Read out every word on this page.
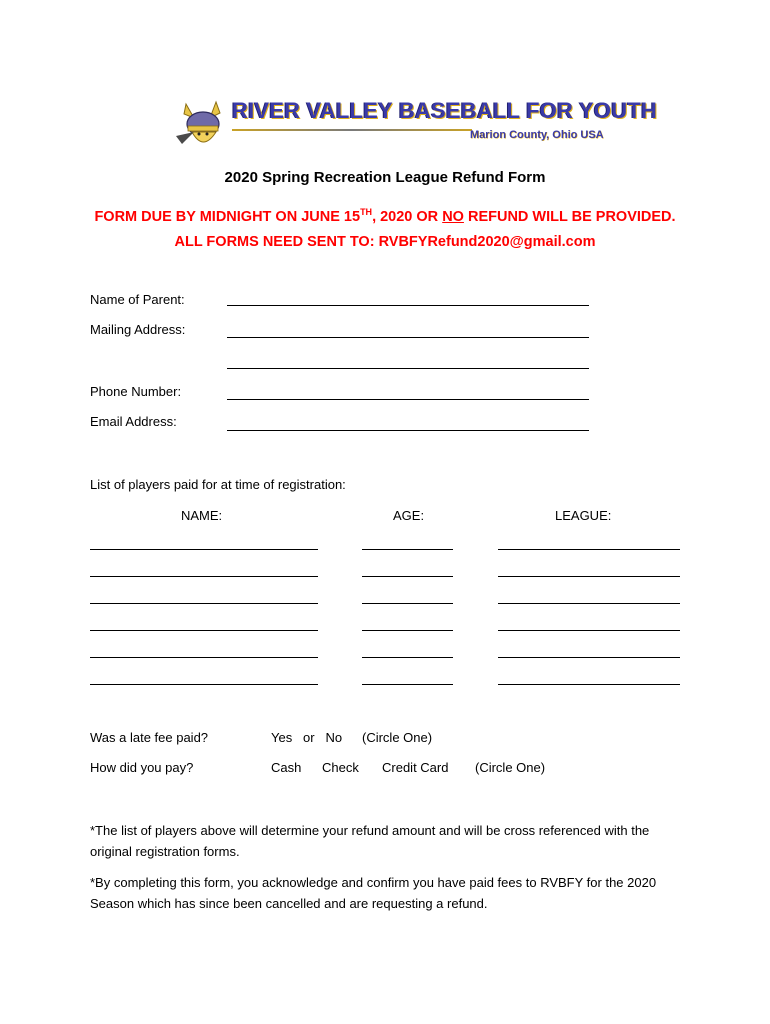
RIVER VALLEY BASEBALL FOR YOUTH
Marion County, Ohio USA
2020 Spring Recreation League Refund Form
FORM DUE BY MIDNIGHT ON JUNE 15TH, 2020 OR NO REFUND WILL BE PROVIDED. ALL FORMS NEED SENT TO: RVBFYRefund2020@gmail.com
Name of Parent:
Mailing Address:
Phone Number:
Email Address:
List of players paid for at time of registration:
NAME:	AGE:	LEAGUE:
Was a late fee paid?	Yes   or   No (Circle One)
How did you pay?	Cash Check Credit Card (Circle One)
*The list of players above will determine your refund amount and will be cross referenced with the original registration forms.
*By completing this form, you acknowledge and confirm you have paid fees to RVBFY for the 2020 Season which has since been cancelled and are requesting a refund.
